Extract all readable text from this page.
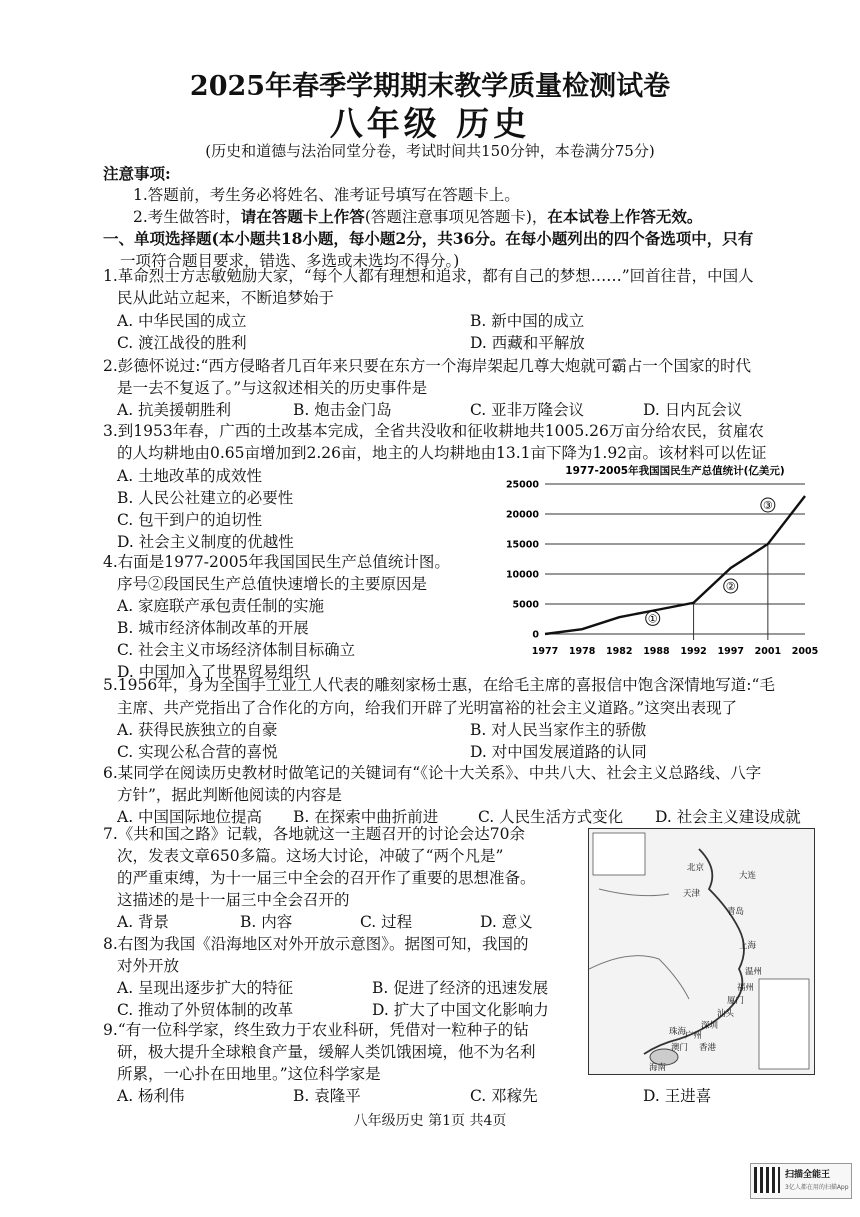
2025年春季学期期末教学质量检测试卷
八年级 历史
(历史和道德与法治同堂分卷，考试时间共150分钟，本卷满分75分)
注意事项:
1.答题前，考生务必将姓名、准考证号填写在答题卡上。
2.考生做答时，请在答题卡上作答(答题注意事项见答题卡)，在本试卷上作答无效。
一、单项选择题(本小题共18小题，每小题2分，共36分。在每小题列出的四个备选项中，只有
一项符合题目要求，错选、多选或未选均不得分。)
1.革命烈士方志敏勉励大家，“每个人都有理想和追求，都有自己的梦想……”回首往昔，中国人
民从此站立起来，不断追梦始于
A. 中华民国的成立	B. 新中国的成立
C. 渡江战役的胜利	D. 西藏和平解放
2.彭德怀说过:“西方侵略者几百年来只要在东方一个海岸架起几尊大炮就可霸占一个国家的时代
是一去不复返了。”与这叙述相关的历史事件是
A. 抗美援朝胜利	B. 炮击金门岛	C. 亚非万隆会议	D. 日内瓦会议
3.到1953年春，广西的土改基本完成，全省共没收和征收耕地共1005.26万亩分给农民，贫雇农
的人均耕地由0.65亩增加到2.26亩，地主的人均耕地由13.1亩下降为1.92亩。该材料可以佐证
A. 土地改革的成效性
B. 人民公社建立的必要性
C. 包干到户的迫切性
D. 社会主义制度的优越性
4.右面是1977-2005年我国国民生产总值统计图。
序号②段国民生产总值快速增长的主要原因是
A. 家庭联产承包责任制的实施
B. 城市经济体制改革的开展
C. 社会主义市场经济体制目标确立
D. 中国加入了世界贸易组织
1977-2005年我国国民生产总值统计(亿美元)
0
5000
10000
15000
20000
25000
1977 1978 1982 1988 1992 1997 2001 2005
①
②
③
5.1956年，身为全国手工业工人代表的雕刻家杨士惠，在给毛主席的喜报信中饱含深情地写道:“毛
主席、共产党指出了合作化的方向，给我们开辟了光明富裕的社会主义道路。”这突出表现了
A. 获得民族独立的自豪	B. 对人民当家作主的骄傲
C. 实现公私合营的喜悦	D. 对中国发展道路的认同
6.某同学在阅读历史教材时做笔记的关键词有“《论十大关系》、中共八大、社会主义总路线、八字
方针”，据此判断他阅读的内容是
A. 中国国际地位提高 B. 在探索中曲折前进	C. 人民生活方式变化 D. 社会主义建设成就
7.《共和国之路》记载，各地就这一主题召开的讨论会达70余
次，发表文章650多篇。这场大讨论，冲破了“两个凡是”
的严重束缚，为十一届三中全会的召开作了重要的思想准备。
这描述的是十一届三中全会召开的
A. 背景	B. 内容	C. 过程	D. 意义
8.右图为我国《沿海地区对外开放示意图》。据图可知，我国的
对外开放
A. 呈现出逐步扩大的特征	B. 促进了经济的迅速发展
C. 推动了外贸体制的改革	D. 扩大了中国文化影响力
北京
天津
大连
青岛
上海
温州
福州
广州
香港
澳门
深圳
珠海
汕头
厦门
海南
八年级历史 第1页 共4页
扫描全能王
3亿人都在用的扫描App
9.“有一位科学家，终生致力于农业科研，凭借对一粒种子的钻
研，极大提升全球粮食产量，缓解人类饥饿困境，他不为名利
所累，一心扑在田地里。”这位科学家是
A. 杨利伟	B. 袁隆平	C. 邓稼先	D. 王进喜
